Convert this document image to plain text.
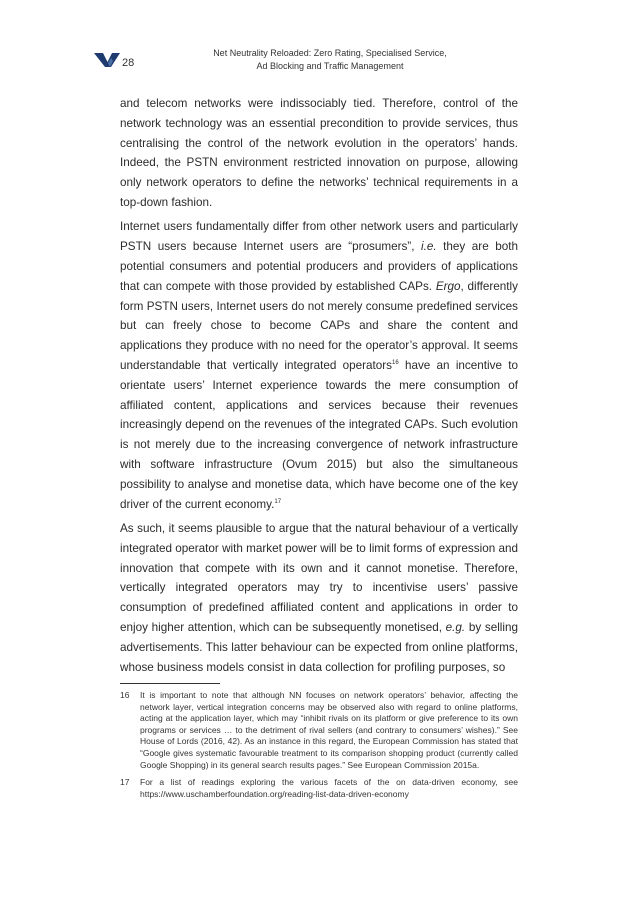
28
Net Neutrality Reloaded: Zero Rating, Specialised Service,
Ad Blocking and Traffic Management

and telecom networks were indissociably tied. Therefore, control of the network technology was an essential precondition to provide services, thus centralising the control of the network evolution in the operators’ hands. Indeed, the PSTN environment restricted innovation on purpose, allowing only network operators to define the networks’ technical requirements in a top-down fashion.

Internet users fundamentally differ from other network users and particularly PSTN users because Internet users are “prosumers”, i.e. they are both potential consumers and potential producers and providers of applications that can compete with those provided by established CAPs. Ergo, differently form PSTN users, Internet users do not merely consume predefined services but can freely chose to become CAPs and share the content and applications they produce with no need for the operator’s approval. It seems understandable that vertically integrated operators$^{16}$ have an incentive to orientate users’ Internet experience towards the mere consumption of affiliated content, applications and services because their revenues increasingly depend on the revenues of the integrated CAPs. Such evolution is not merely due to the increasing convergence of network infrastructure with software infrastructure (Ovum 2015) but also the simultaneous possibility to analyse and monetise data, which have become one of the key driver of the current economy.$^{17}$

As such, it seems plausible to argue that the natural behaviour of a vertically integrated operator with market power will be to limit forms of expression and innovation that compete with its own and it cannot monetise. Therefore, vertically integrated operators may try to incentivise users’ passive consumption of predefined affiliated content and applications in order to enjoy higher attention, which can be subsequently monetised, e.g. by selling advertisements. This latter behaviour can be expected from online platforms, whose business models consist in data collection for profiling purposes, so

16	It is important to note that although NN focuses on network operators’ behavior, affecting the network layer, vertical integration concerns may be observed also with regard to online platforms, acting at the application layer, which may “inhibit rivals on its platform or give preference to its own programs or services … to the detriment of rival sellers (and contrary to consumers’ wishes).” See House of Lords (2016, 42). As an instance in this regard, the European Commission has stated that “Google gives systematic favourable treatment to its comparison shopping product (currently called Google Shopping) in its general search results pages.” See European Commission 2015a.
17	For a list of readings exploring the various facets of the on data-driven economy, see https://www.uschamberfoundation.org/reading-list-data-driven-economy
